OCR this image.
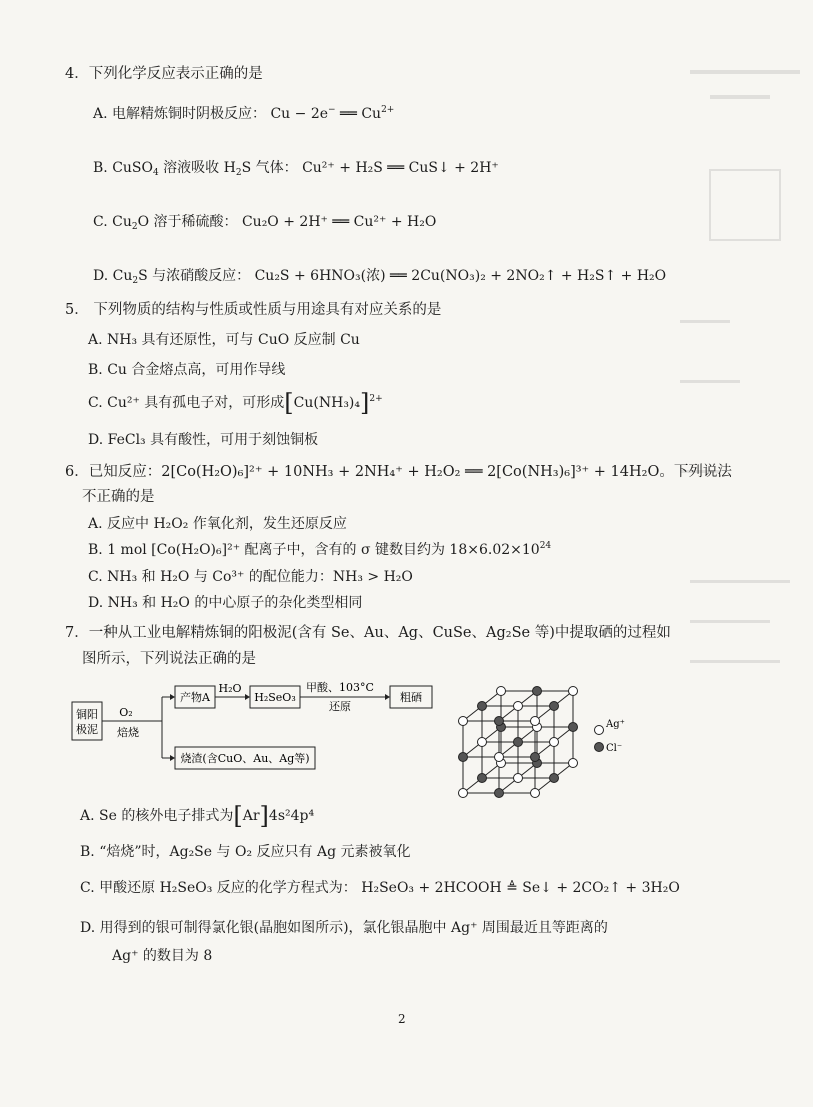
4．下列化学反应表示正确的是
A. 电解精炼铜时阴极反应： Cu − 2e− ══ $Cu^{2+}$
B. CuSO$_4$ 溶液吸收 $H_2S$ 气体： Cu²⁺ + H₂S ══ CuS↓ + 2H⁺
C. $Cu_2O$ 溶于稀硫酸： Cu₂O + 2H⁺ ══ Cu²⁺ + H₂O
D. $Cu_2S$ 与浓硝酸反应： Cu₂S + 6HNO₃(浓) ══ 2Cu(NO₃)₂ + 2NO₂↑ + H₂S↑ + H₂O
5． 下列物质的结构与性质或性质与用途具有对应关系的是
A. NH₃ 具有还原性，可与 CuO 反应制 Cu
B. Cu 合金熔点高，可用作导线
C. Cu²⁺ 具有孤电子对，可形成$[Cu(NH_3)_4]^{2+}$
D. FeCl₃ 具有酸性，可用于刻蚀铜板
6．已知反应：2[Co(H₂O)₆]²⁺ + 10NH₃ + 2NH₄⁺ + H₂O₂ ══ 2[Co(NH₃)₆]³⁺ + 14H₂O。下列说法
不正确的是
A. 反应中 H₂O₂ 作氧化剂，发生还原反应
B. 1 mol [Co(H₂O)₆]²⁺ 配离子中，含有的 σ 键数目约为 $18\times 6.02\times 10^{24}$
C. NH₃ 和 H₂O 与 Co³⁺ 的配位能力：NH₃ > H₂O
D. NH₃ 和 H₂O 的中心原子的杂化类型相同
7．一种从工业电解精炼铜的阳极泥(含有 Se、Au、Ag、CuSe、Ag₂Se 等)中提取硒的过程如
图所示，下列说法正确的是
铜阳
极泥
O₂
焙烧
产物A
H₂O
H₂SeO₃
甲酸、103°C
还原
粗硒
烧渣(含CuO、Au、Ag等)
Ag⁺
Cl⁻
A. Se 的核外电子排式为[Ar]4s²4p⁴
B. “焙烧”时，Ag₂Se 与 O₂ 反应只有 Ag 元素被氧化
C. 甲酸还原 H₂SeO₃ 反应的化学方程式为： H₂SeO₃ + 2HCOOH ≜ Se↓ + 2CO₂↑ + 3H₂O
D. 用得到的银可制得氯化银(晶胞如图所示)，氯化银晶胞中 Ag⁺ 周围最近且等距离的
Ag⁺ 的数目为 8
2
